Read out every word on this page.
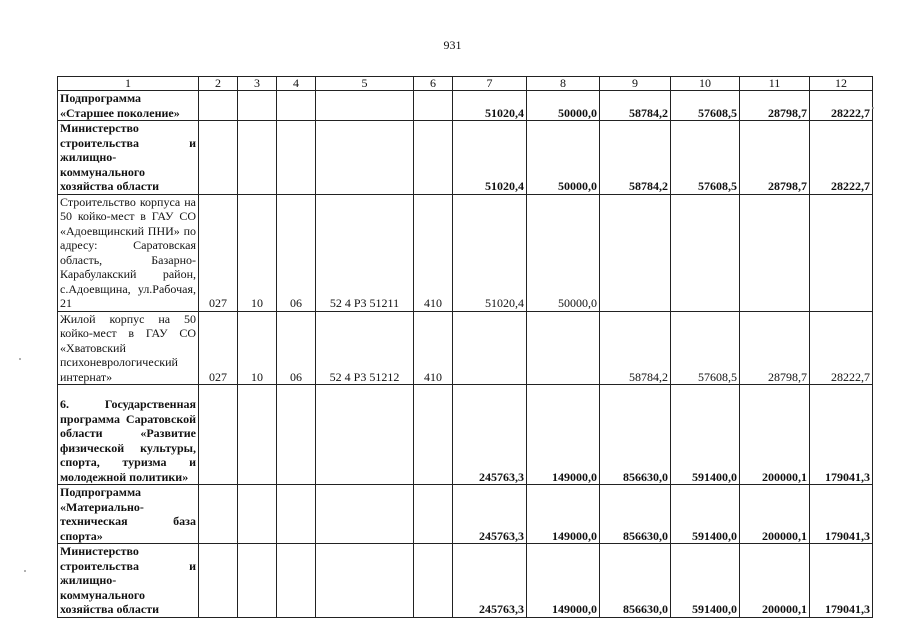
931
1	2	3	4	5	6	7	8	9	10	11	12
Подпрограмма «Старшее поколение»						51020,4	50000,0	58784,2	57608,5	28798,7	28222,7
Министерство строительства и жилищно-коммунального хозяйства области						51020,4	50000,0	58784,2	57608,5	28798,7	28222,7
Строительство корпуса на 50 койко-мест в ГАУ СО «Адоевщинский ПНИ» по адресу: Саратовская область, Базарно-Карабулакский район, с.Адоевщина, ул.Рабочая, 21	027	10	06	52 4 Р3 51211	410	51020,4	50000,0				
Жилой корпус на 50 койко-мест в ГАУ СО «Хватовский психоневрологический интернат»	027	10	06	52 4 Р3 51212	410			58784,2	57608,5	28798,7	28222,7
6. Государственная программа Саратовской области «Развитие физической культуры, спорта, туризма и молодежной политики»						245763,3	149000,0	856630,0	591400,0	200000,1	179041,3
Подпрограмма «Материально-техническая база спорта»						245763,3	149000,0	856630,0	591400,0	200000,1	179041,3
Министерство строительства и жилищно-коммунального хозяйства области						245763,3	149000,0	856630,0	591400,0	200000,1	179041,3
